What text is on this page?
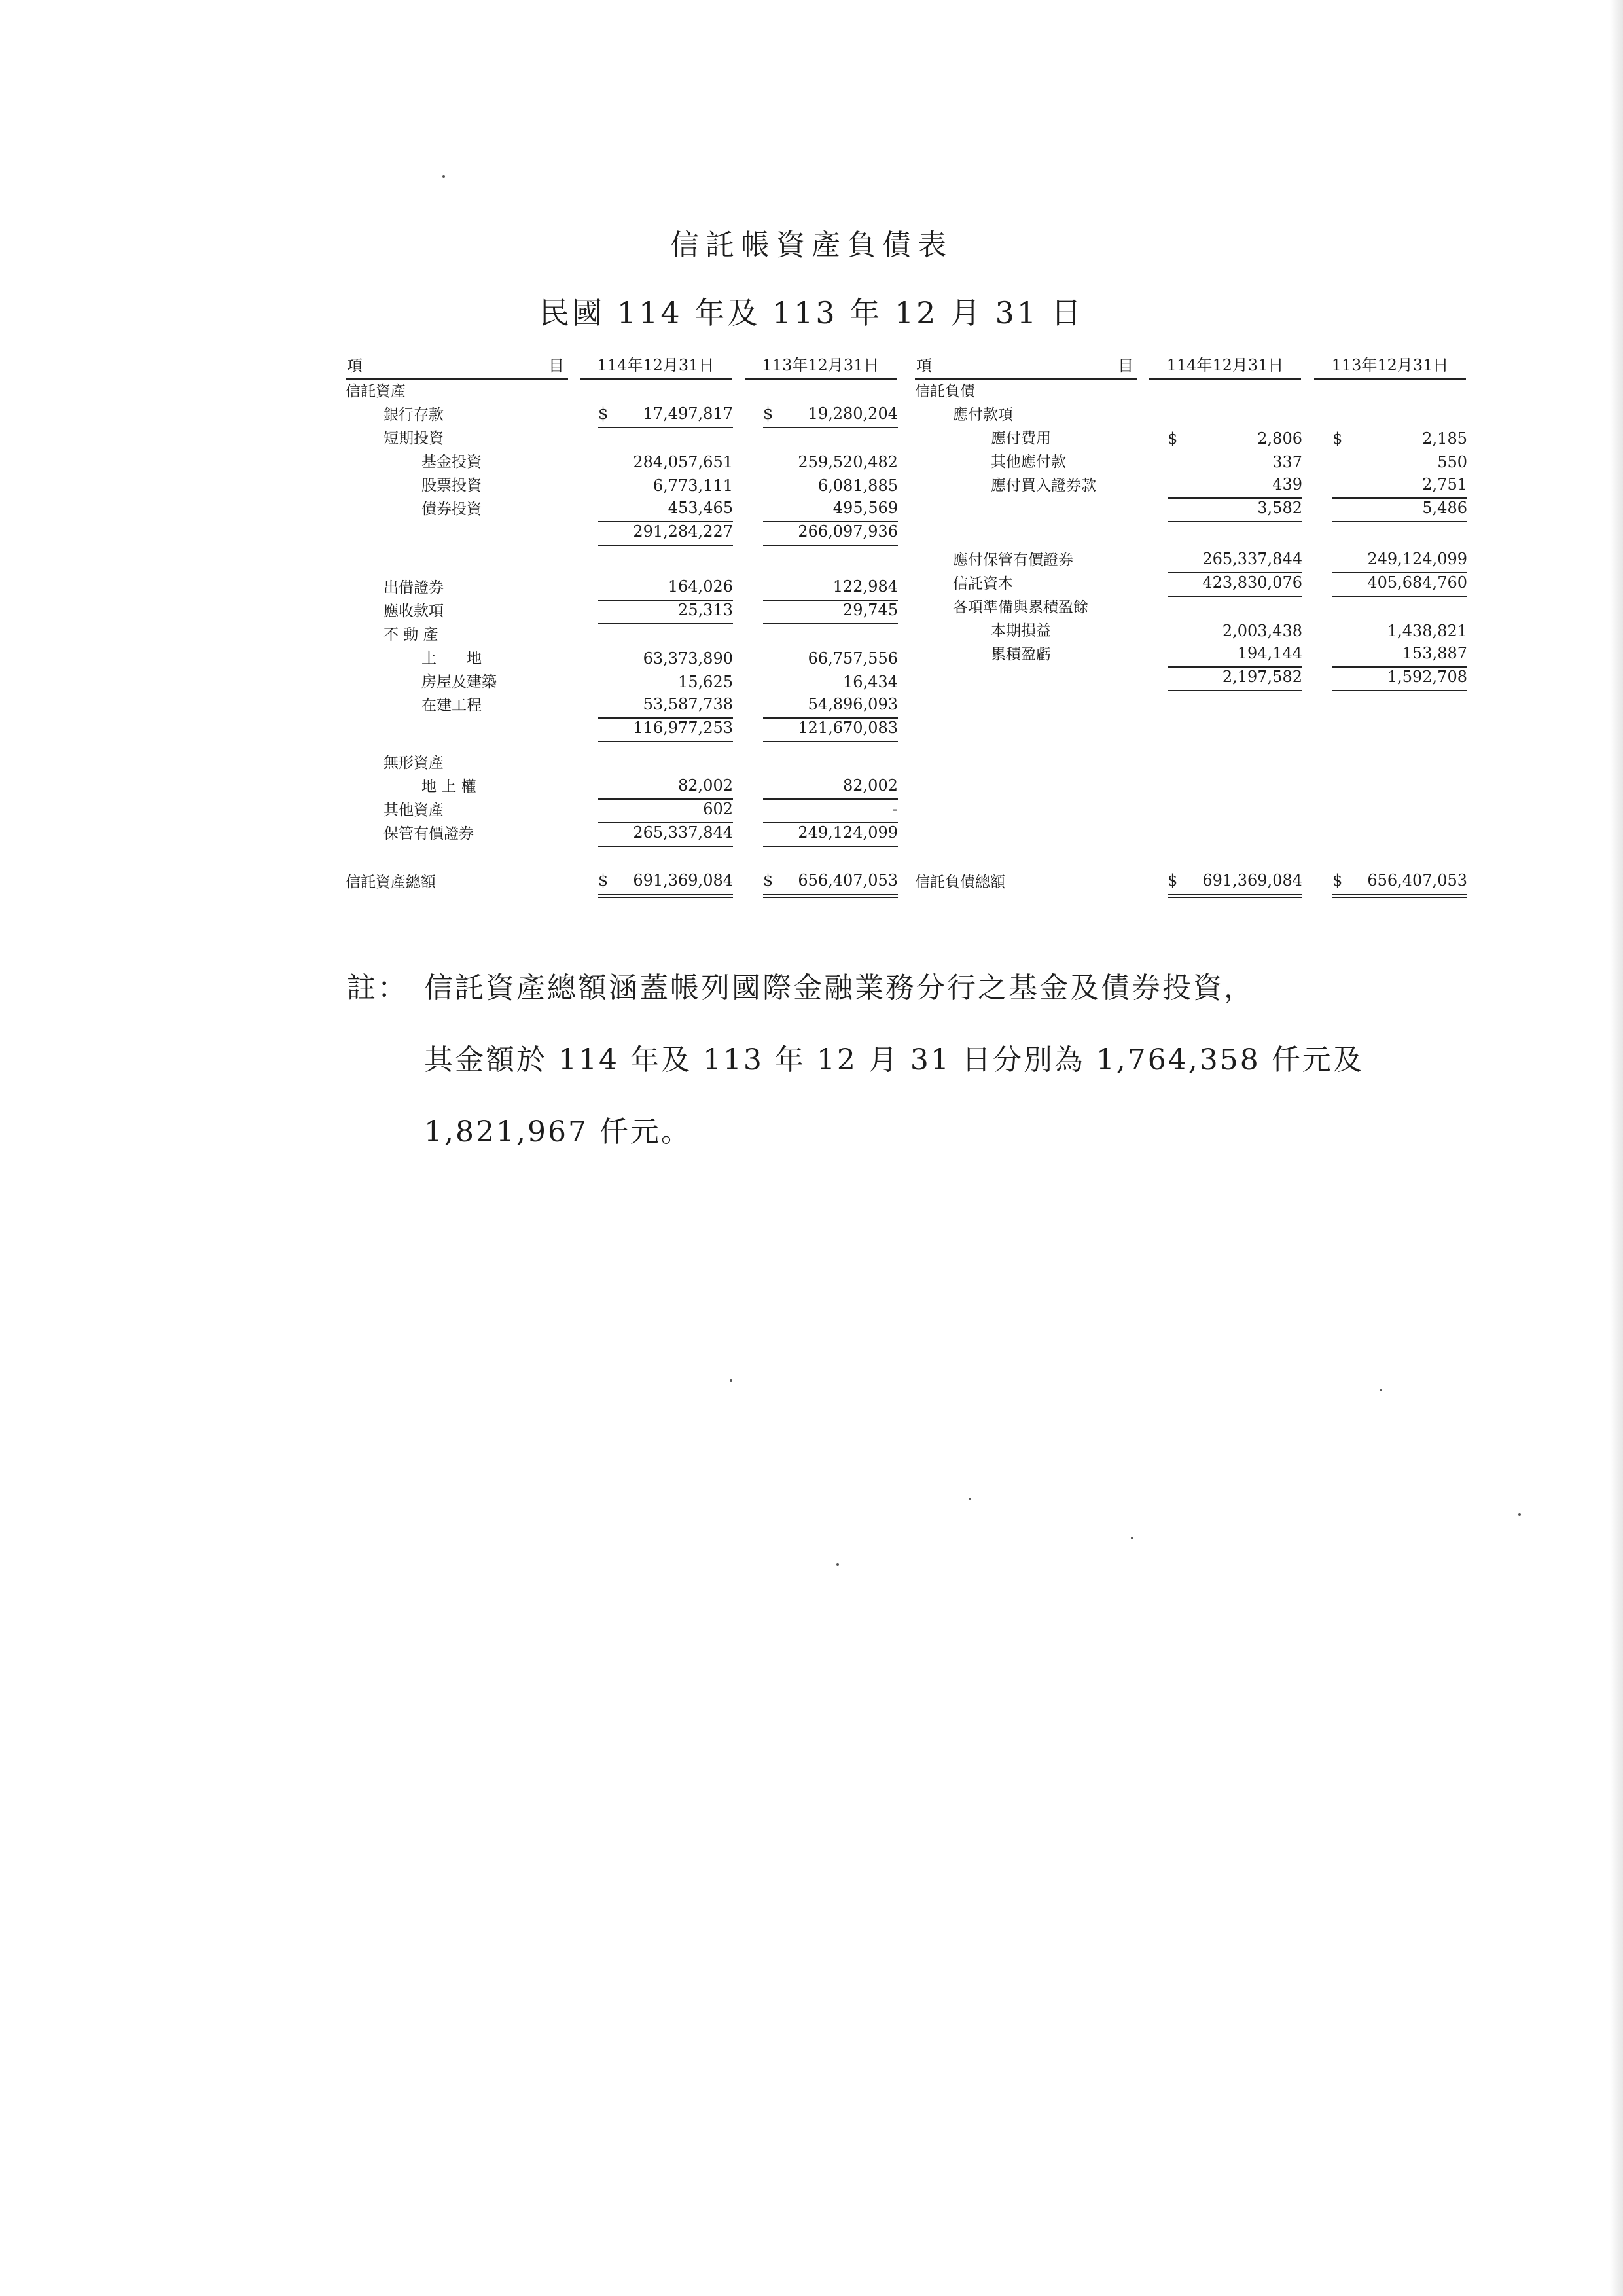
信託帳資產負債表
民國 114 年及 113 年 12 月 31 日
項	目	114年12月31日	113年12月31日
信託資產
銀行存款	$ 17,497,817 $ 19,280,204
短期投資
基金投資	284,057,651	259,520,482
股票投資	6,773,111	6,081,885
債券投資	453,465	495,569
291,284,227	266,097,936
出借證券	164,026	122,984
應收款項	25,313	29,745
不 動 產
土　　地	63,373,890	66,757,556
房屋及建築	15,625	16,434
在建工程	53,587,738	54,896,093
116,977,253	121,670,083
無形資產
地 上 權	82,002	82,002
其他資產	602	-
保管有價證券	265,337,844	249,124,099
信託資產總額	$ 691,369,084 $ 656,407,053
項	目	114年12月31日	113年12月31日
信託負債
應付款項
應付費用	$	2,806 $	2,185
其他應付款	337	550
應付買入證券款	439	2,751
3,582	5,486
應付保管有價證券	265,337,844	249,124,099
信託資本	423,830,076	405,684,760
各項準備與累積盈餘
本期損益	2,003,438	1,438,821
累積盈虧	194,144	153,887
2,197,582	1,592,708
信託負債總額	$ 691,369,084 $ 656,407,053
註： 信託資產總額涵蓋帳列國際金融業務分行之基金及債券投資，
其金額於 114 年及 113 年 12 月 31 日分別為 1,764,358 仟元及
1,821,967 仟元。
